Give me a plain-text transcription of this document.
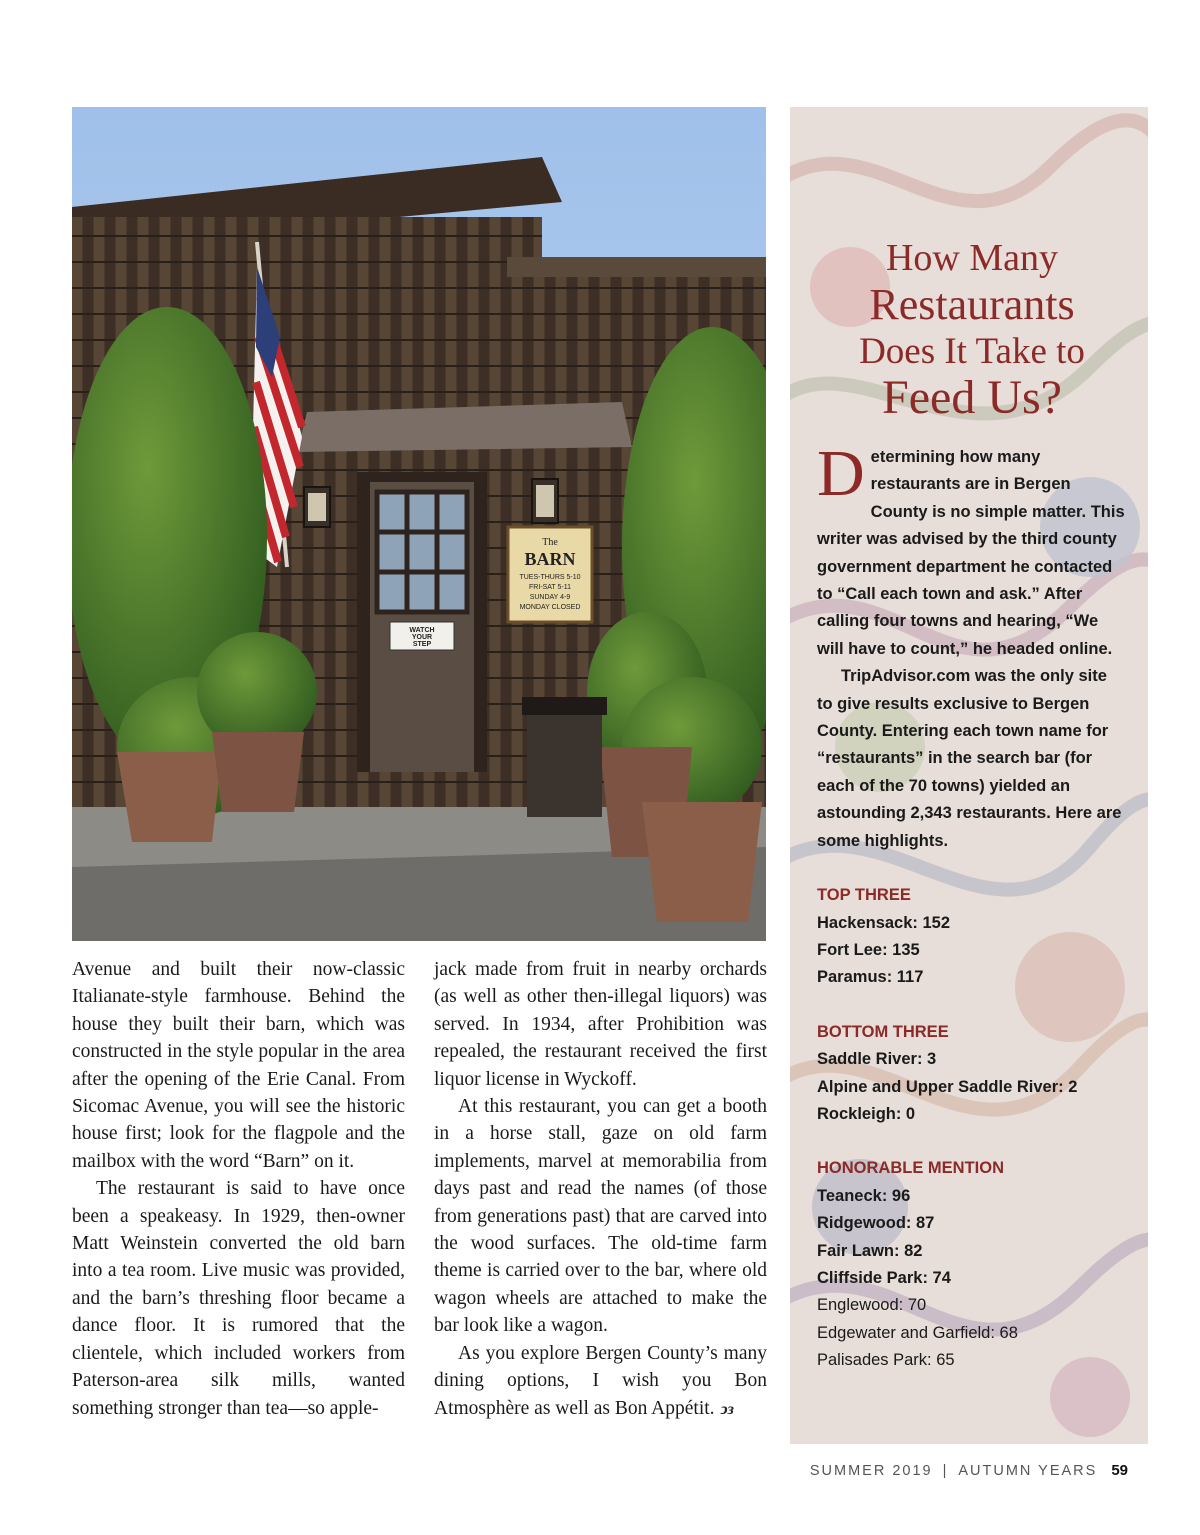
WATCH
YOUR
STEP
The
BARN
TUES-THURS 5-10
FRI-SAT 5-11
SUNDAY 4-9
MONDAY CLOSED

Avenue and built their now-classic Italianate-style farmhouse. Behind the house they built their barn, which was constructed in the style popular in the area after the opening of the Erie Canal. From Sicomac Avenue, you will see the historic house first; look for the flagpole and the mailbox with the word “Barn” on it.

The restaurant is said to have once been a speakeasy. In 1929, then-owner Matt Weinstein converted the old barn into a tea room. Live music was provided, and the barn’s threshing floor became a dance floor. It is rumored that the clientele, which included workers from Paterson-area silk mills, wanted something stronger than tea—so apple-

jack made from fruit in nearby orchards (as well as other then-illegal liquors) was served. In 1934, after Prohibition was repealed, the restaurant received the first liquor license in Wyckoff.

At this restaurant, you can get a booth in a horse stall, gaze on old farm implements, marvel at memorabilia from days past and read the names (of those from generations past) that are carved into the wood surfaces. The old-time farm theme is carried over to the bar, where old wagon wheels are attached to make the bar look like a wagon.

As you explore Bergen County’s many dining options, I wish you Bon Atmosphère as well as Bon Appétit. ↄз

How Many
Restaurants
Does It Take to
Feed Us?

Determining how many restaurants are in Bergen County is no simple matter. This writer was advised by the third county government department he contacted to “Call each town and ask.” After calling four towns and hearing, “We will have to count,” he headed online.

TripAdvisor.com was the only site to give results exclusive to Bergen County. Entering each town name for “restaurants” in the search bar (for each of the 70 towns) yielded an astounding 2,343 restaurants. Here are some highlights.

TOP THREE
Hackensack: 152
Fort Lee: 135
Paramus: 117
BOTTOM THREE
Saddle River: 3
Alpine and Upper Saddle River: 2
Rockleigh: 0
HONORABLE MENTION
Teaneck: 96
Ridgewood: 87
Fair Lawn: 82
Cliffside Park: 74
Englewood: 70
Edgewater and Garfield: 68
Palisades Park: 65
SUMMER 2019 | AUTUMN YEARS 59
